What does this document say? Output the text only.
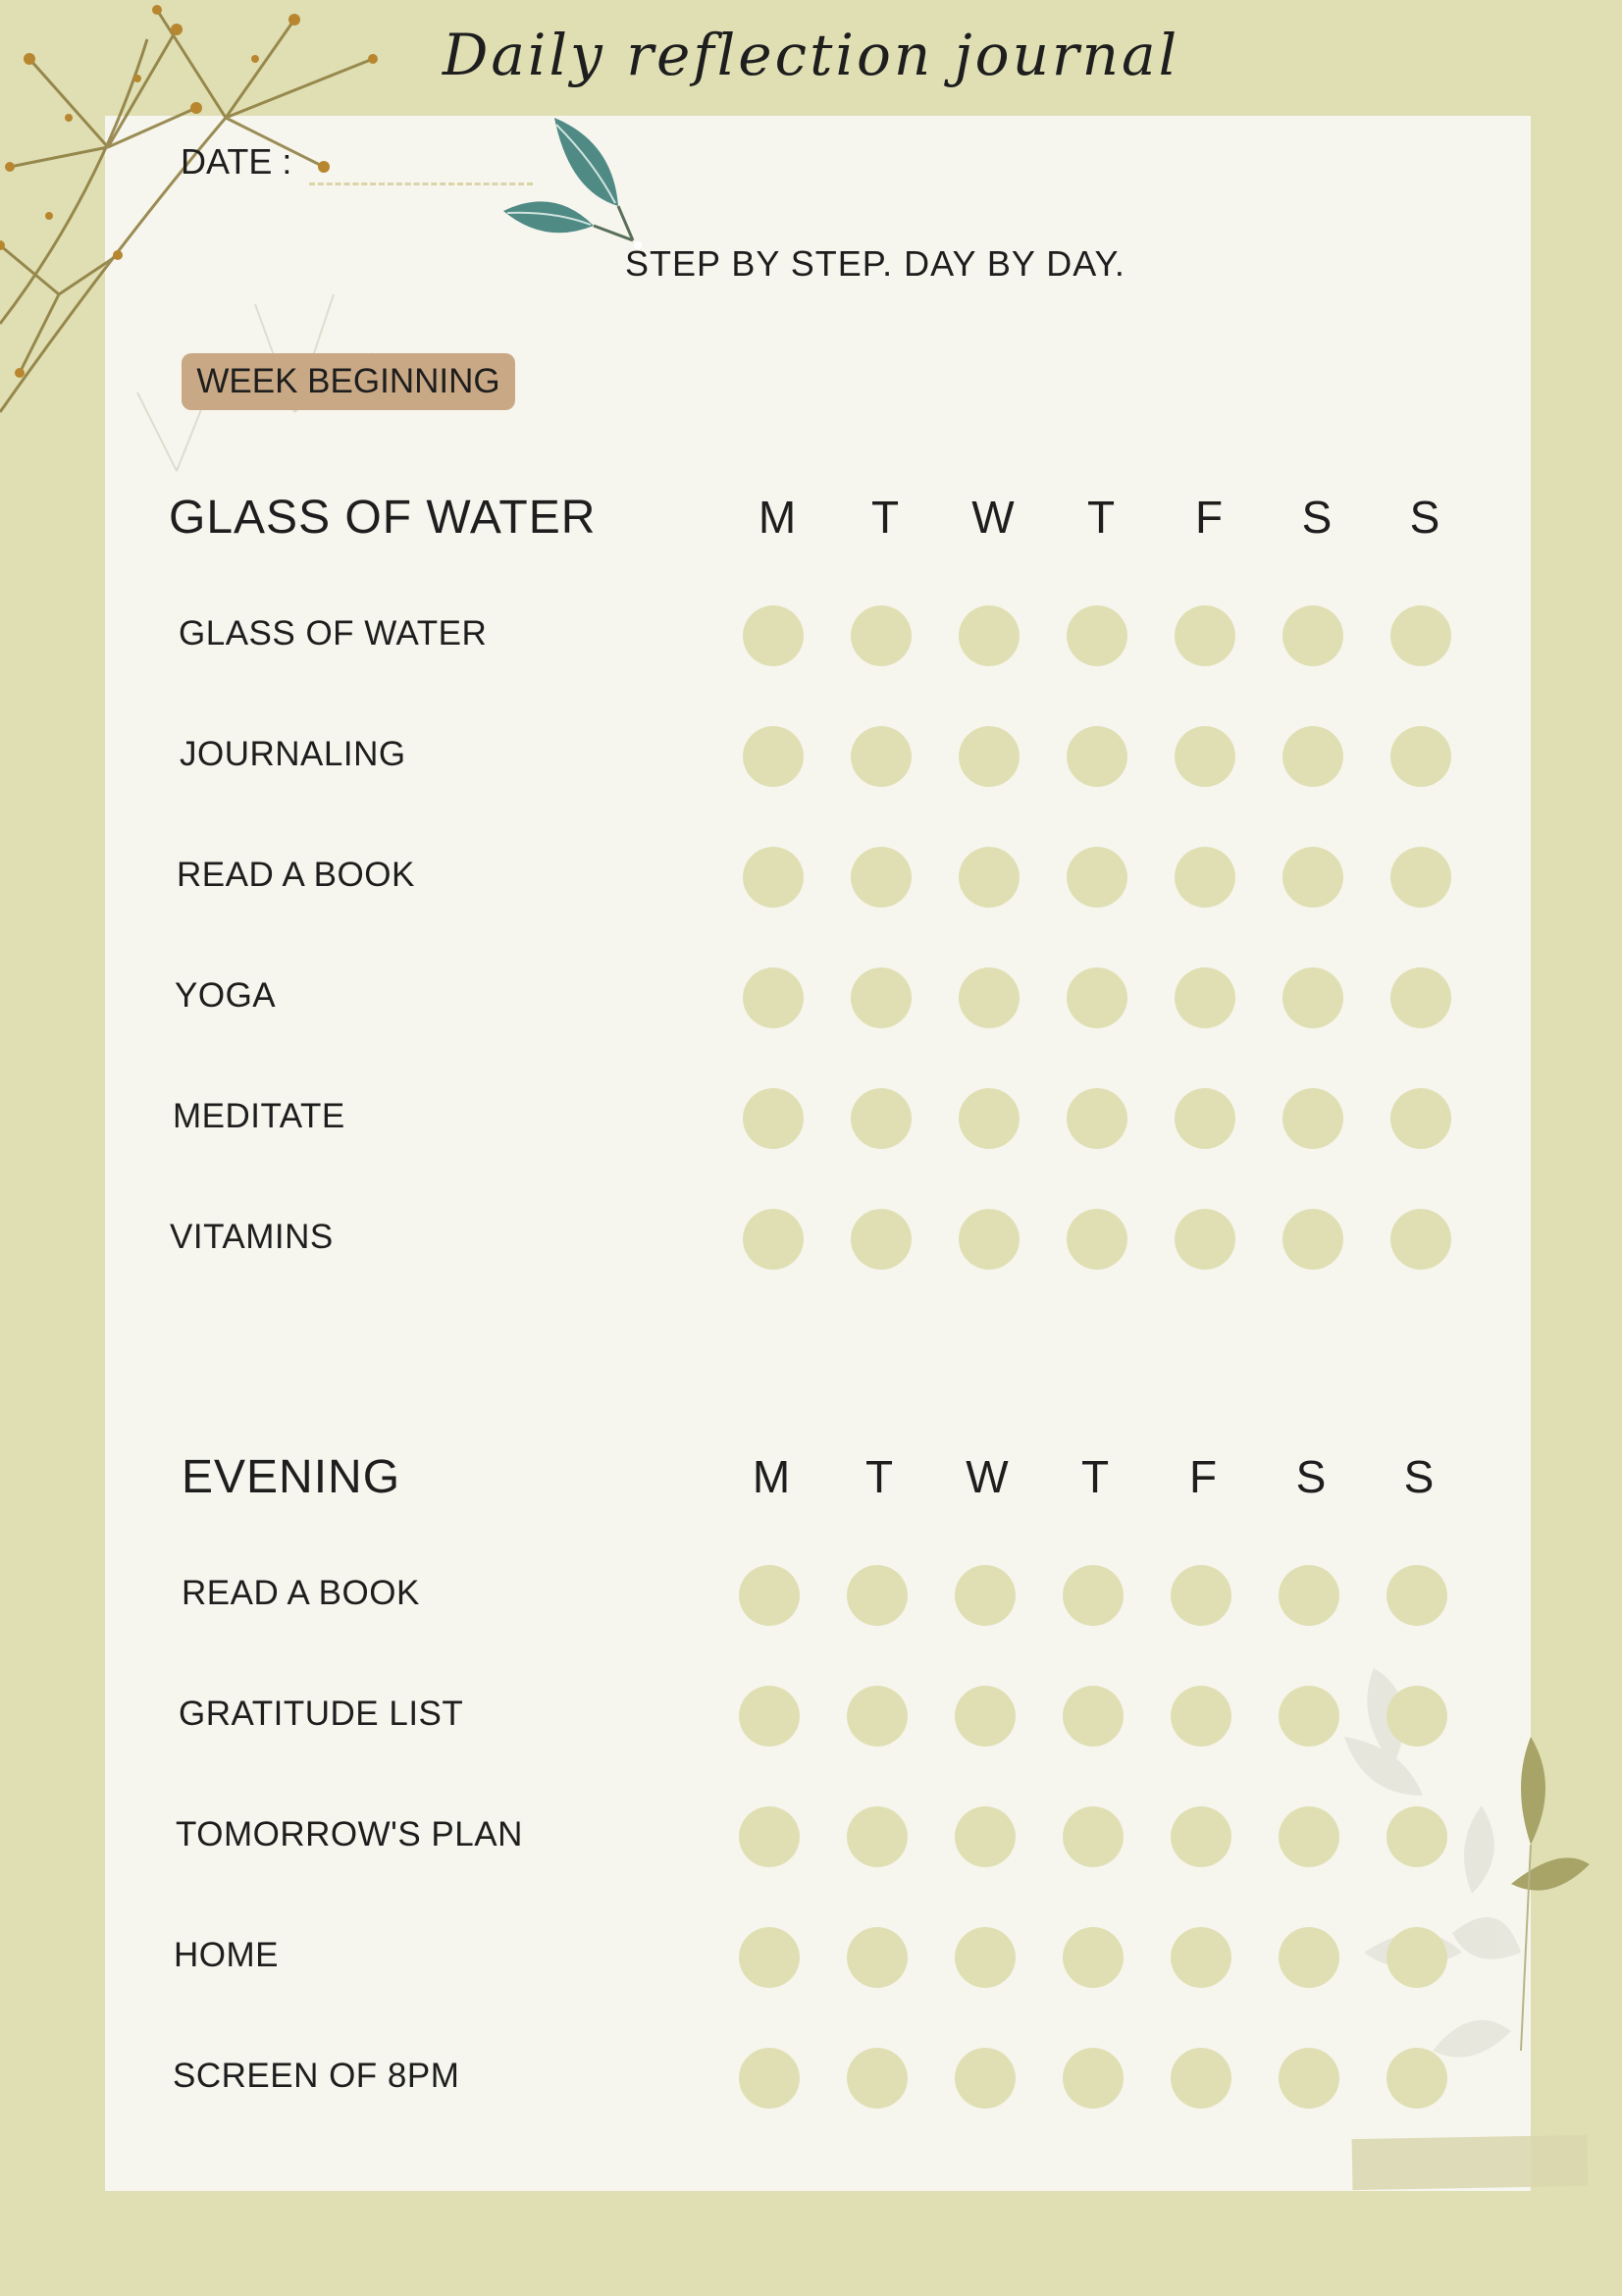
Daily reflection journal
DATE :
STEP BY STEP. DAY BY DAY.
WEEK BEGINNING
GLASS OF WATER	M	T	W	T	F	S	S
GLASS OF WATER
JOURNALING
READ A BOOK
YOGA
MEDITATE
VITAMINS
EVENING	M	T	W	T	F	S	S
READ A BOOK
GRATITUDE LIST
TOMORROW'S PLAN
HOME
SCREEN OF 8PM
